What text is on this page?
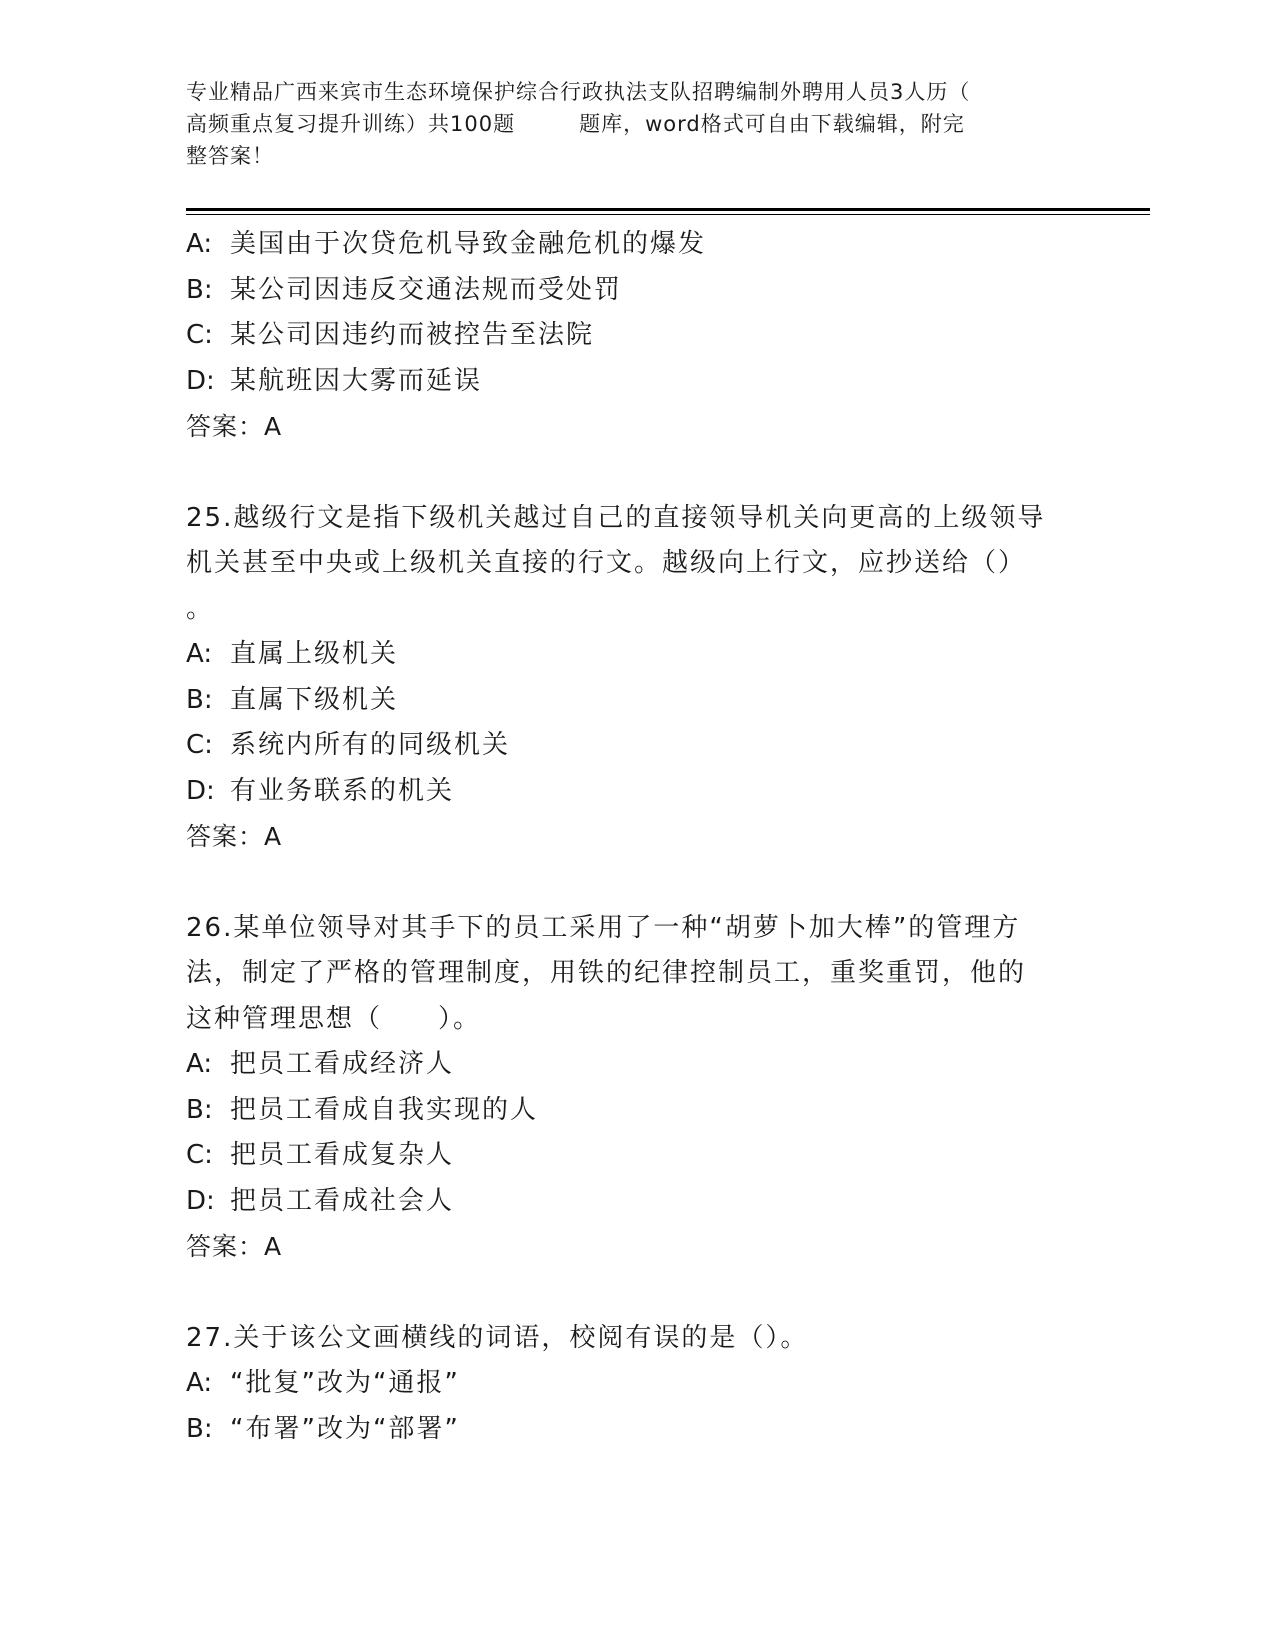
专业精品广西来宾市生态环境保护综合行政执法支队招聘编制外聘用人员3人历（
高频重点复习提升训练）共100题	题库，word格式可自由下载编辑，附完
整答案！
A: 美国由于次贷危机导致金融危机的爆发
B: 某公司因违反交通法规而受处罚
C: 某公司因违约而被控告至法院
D: 某航班因大雾而延误
答案：A
25.越级行文是指下级机关越过自己的直接领导机关向更高的上级领导
机关甚至中央或上级机关直接的行文。越级向上行文，应抄送给（）
。
A: 直属上级机关
B: 直属下级机关
C: 系统内所有的同级机关
D: 有业务联系的机关
答案：A
26.某单位领导对其手下的员工采用了一种“胡萝卜加大棒”的管理方
法，制定了严格的管理制度，用铁的纪律控制员工，重奖重罚，他的
这种管理思想（　　）。
A: 把员工看成经济人
B: 把员工看成自我实现的人
C: 把员工看成复杂人
D: 把员工看成社会人
答案：A
27.关于该公文画横线的词语，校阅有误的是（）。
A: “批复”改为“通报”
B: “布署”改为“部署”
